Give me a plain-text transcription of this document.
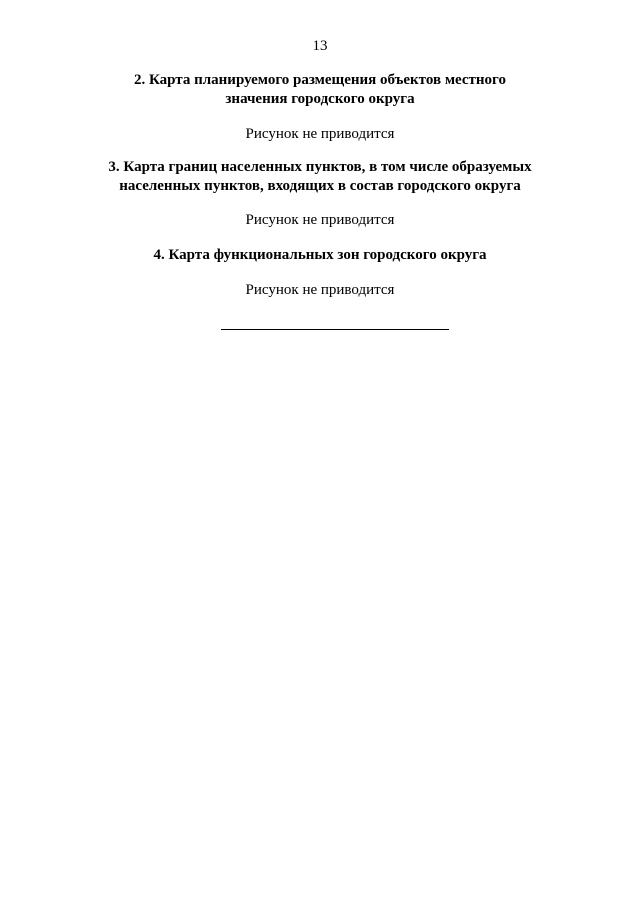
13
2. Карта планируемого размещения объектов местного
значения городского округа
Рисунок не приводится
3. Карта границ населенных пунктов, в том числе образуемых
населенных пунктов, входящих в состав городского округа
Рисунок не приводится
4. Карта функциональных зон городского округа
Рисунок не приводится
